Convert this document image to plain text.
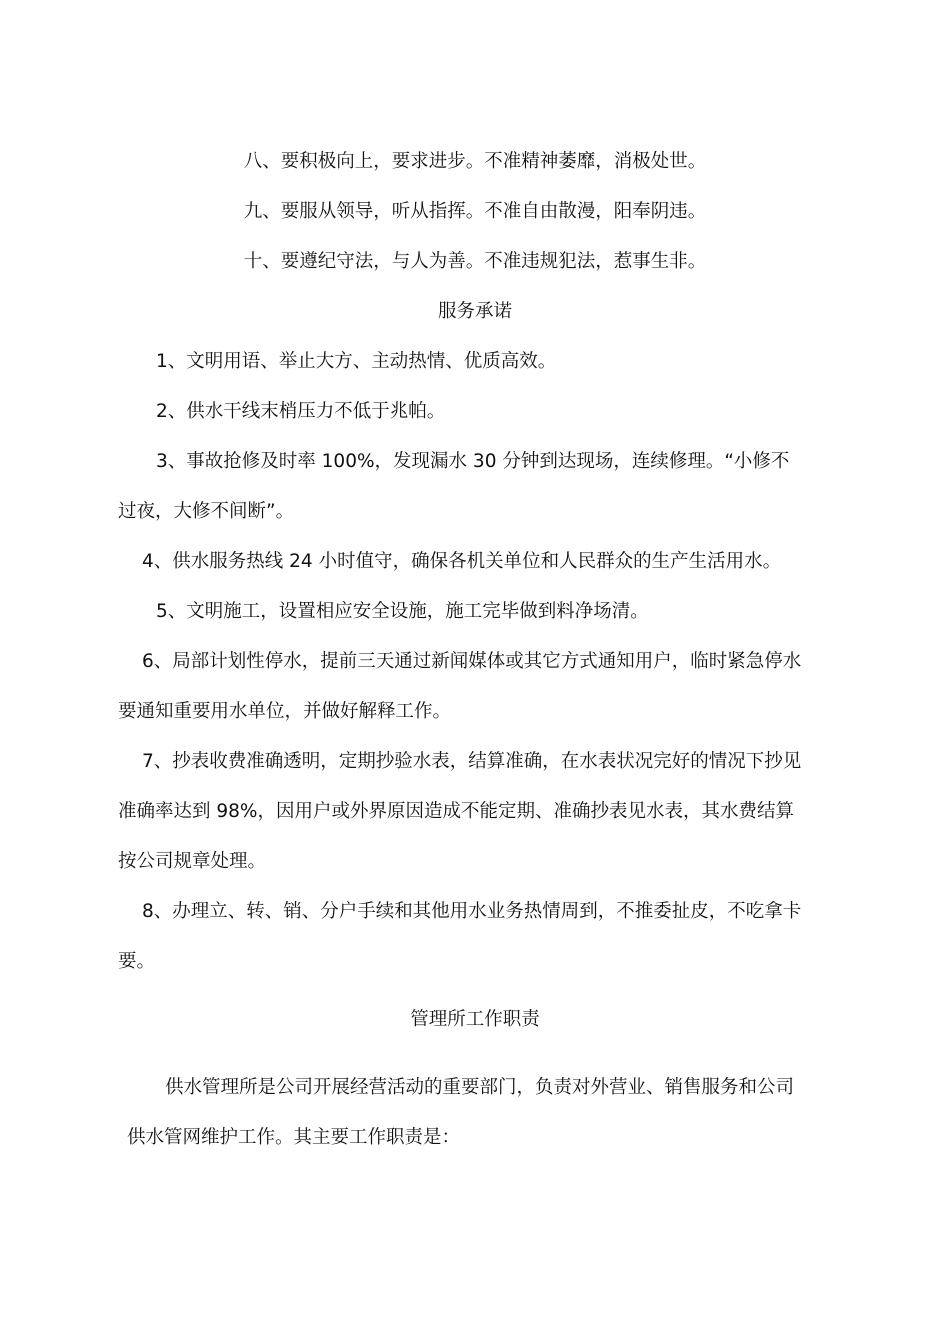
八、要积极向上，要求进步。不准精神萎靡，消极处世。
九、要服从领导，听从指挥。不准自由散漫，阳奉阴违。
十、要遵纪守法，与人为善。不准违规犯法，惹事生非。
服务承诺
1、文明用语、举止大方、主动热情、优质高效。
2、供水干线末梢压力不低于兆帕。
3、事故抢修及时率 100%，发现漏水 30 分钟到达现场，连续修理。“小修不
过夜，大修不间断”。
4、供水服务热线 24 小时值守，确保各机关单位和人民群众的生产生活用水。
5、文明施工，设置相应安全设施，施工完毕做到料净场清。
6、局部计划性停水，提前三天通过新闻媒体或其它方式通知用户，临时紧急停水
要通知重要用水单位，并做好解释工作。
7、抄表收费准确透明，定期抄验水表，结算准确，在水表状况完好的情况下抄见
准确率达到 98%，因用户或外界原因造成不能定期、准确抄表见水表，其水费结算
按公司规章处理。
8、办理立、转、销、分户手续和其他用水业务热情周到，不推委扯皮，不吃拿卡
要。
管理所工作职责
供水管理所是公司开展经营活动的重要部门，负责对外营业、销售服务和公司
供水管网维护工作。其主要工作职责是：
